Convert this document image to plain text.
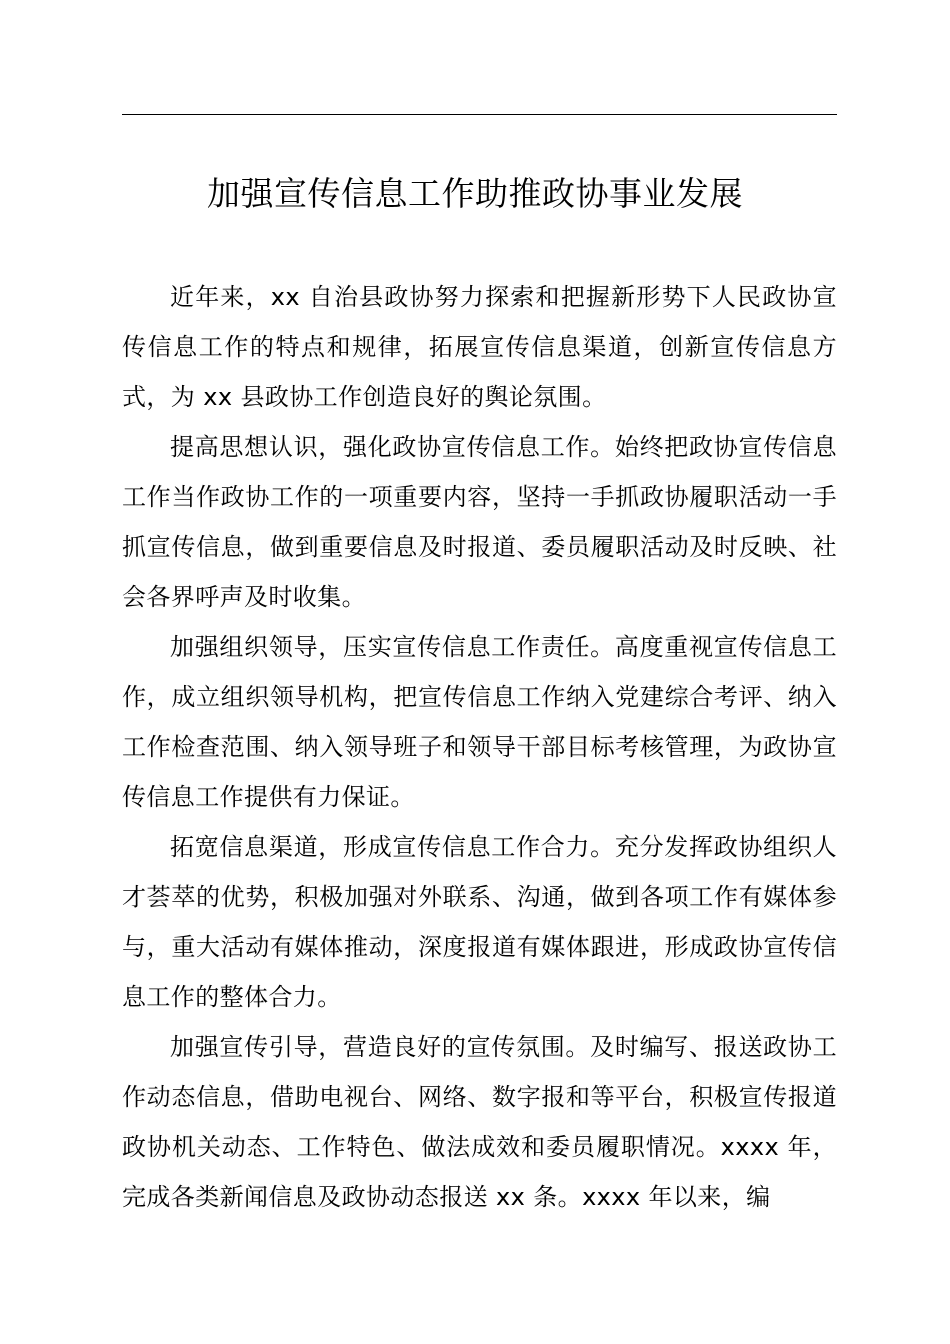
加强宣传信息工作助推政协事业发展

近年来，xx 自治县政协努力探索和把握新形势下人民政协宣传信息工作的特点和规律，拓展宣传信息渠道，创新宣传信息方式，为 xx 县政协工作创造良好的舆论氛围。

提高思想认识，强化政协宣传信息工作。始终把政协宣传信息工作当作政协工作的一项重要内容，坚持一手抓政协履职活动一手抓宣传信息，做到重要信息及时报道、委员履职活动及时反映、社会各界呼声及时收集。

加强组织领导，压实宣传信息工作责任。高度重视宣传信息工作，成立组织领导机构，把宣传信息工作纳入党建综合考评、纳入工作检查范围、纳入领导班子和领导干部目标考核管理，为政协宣传信息工作提供有力保证。

拓宽信息渠道，形成宣传信息工作合力。充分发挥政协组织人才荟萃的优势，积极加强对外联系、沟通，做到各项工作有媒体参与，重大活动有媒体推动，深度报道有媒体跟进，形成政协宣传信息工作的整体合力。

加强宣传引导，营造良好的宣传氛围。及时编写、报送政协工作动态信息，借助电视台、网络、数字报和等平台，积极宣传报道政协机关动态、工作特色、做法成效和委员履职情况。xxxx 年，完成各类新闻信息及政协动态报送 xx 条。xxxx 年以来，编
